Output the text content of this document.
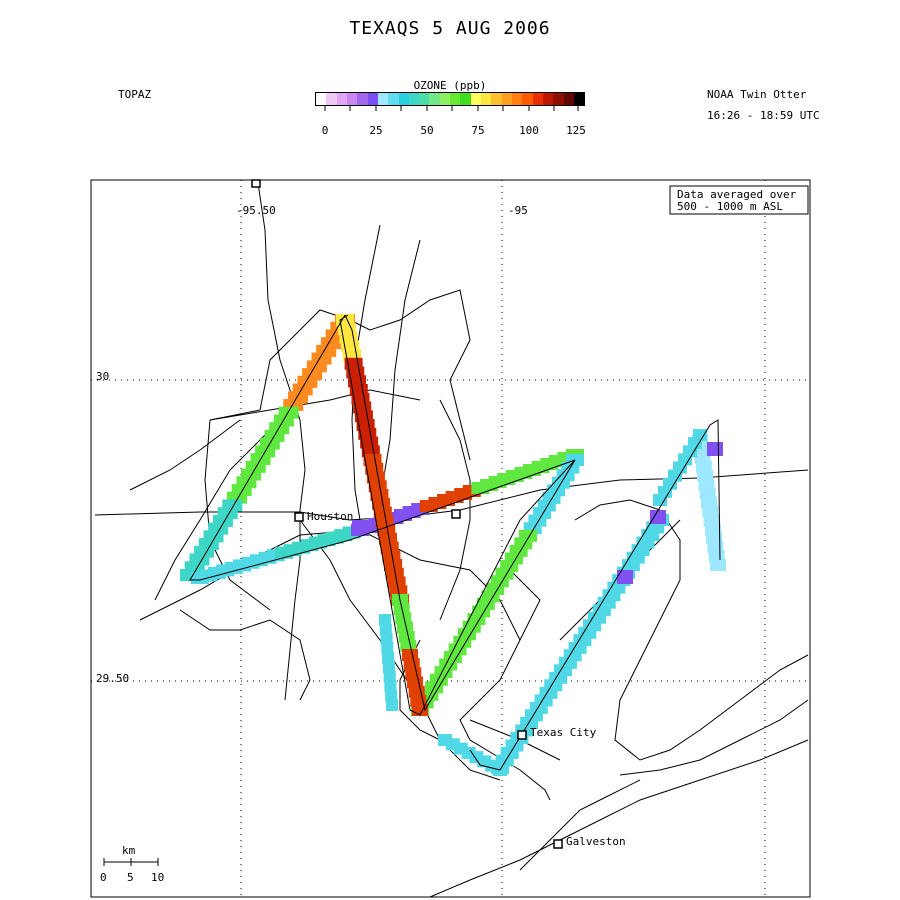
TEXAQS 5 AUG 2006
TOPAZ	NOAA Twin Otter
16:26 - 18:59 UTC
OZONE (ppb)
0	25	50	75	100	125
-95.50	-95
30
29.50
Data averaged over
500 - 1000 m ASL
Houston
Texas City
Galveston
km
0 5 10
